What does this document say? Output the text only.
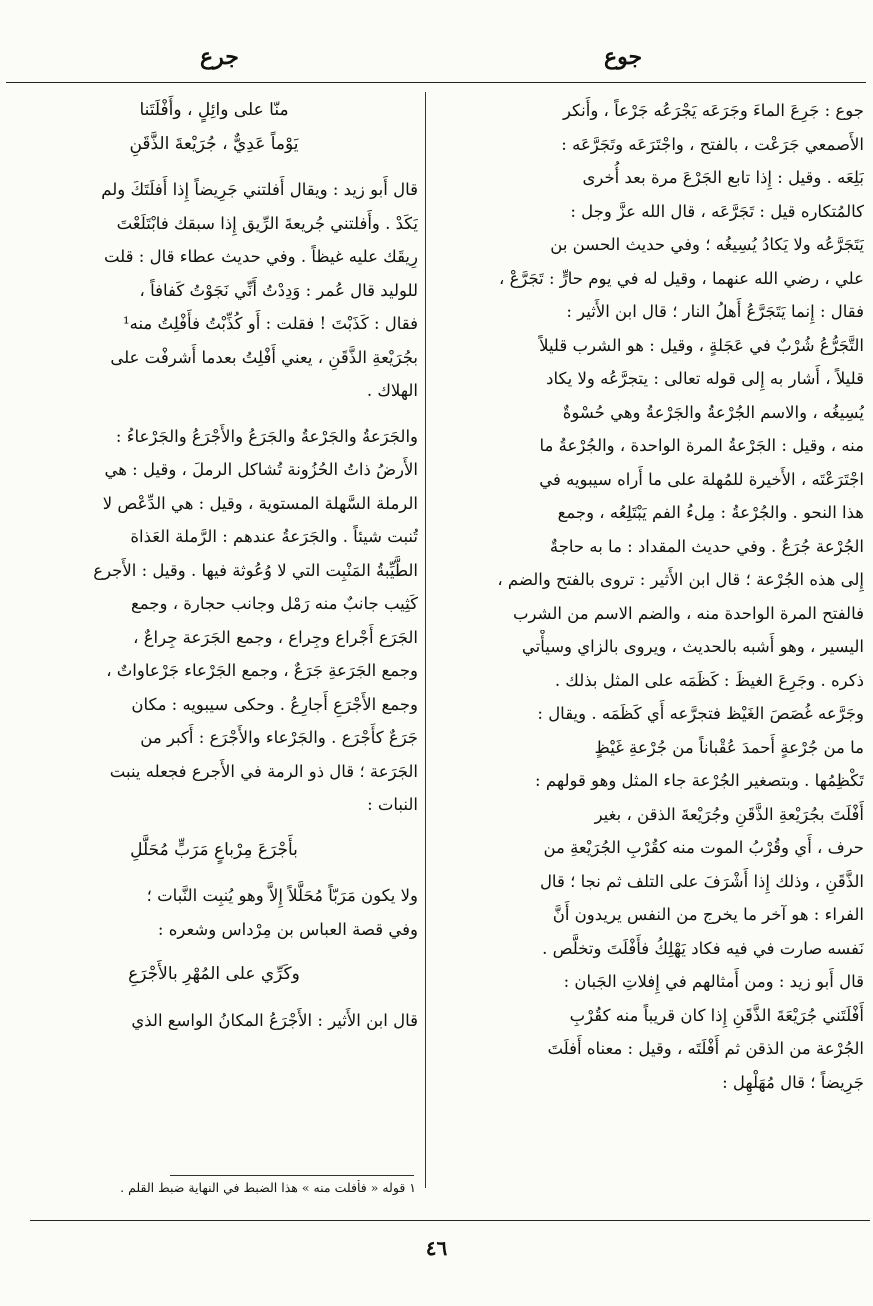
جوع
جرع
جوع : جَرِعَ الماءَ وجَرَعَه يَجْرَعُه جَرْعاً ، وأَنكر
الأَصمعي جَرَعْت ، بالفتح ، واجْتَرَعَه وتَجَرَّعَه :
بَلِعَه . وقيل : إِذا تابع الجَرْعَ مرة بعد أُخرى
كالمُتكاره قيل : تَجَرَّعَه ، قال الله عزَّ وجل :
يَتَجَرَّعُه ولا يَكادُ يُسِيغُه ؛ وفي حديث الحسن بن
علي ، رضي الله عنهما ، وقيل له في يوم حارٍّ : تَجَرَّعْ ،
فقال : إِنما يَتَجَرَّعُ أَهلُ النار ؛ قال ابن الأَثير :
التَّجَرُّعُ شُرْبٌ في عَجَلةٍ ، وقيل : هو الشرب قليلاً
قليلاً ، أَشار به إِلى قوله تعالى : يتجرَّعُه ولا يكاد
يُسِيغُه ، والاسم الجُرْعةُ والجَرْعةُ وهي حُسْوةٌ
منه ، وقيل : الجَرْعةُ المرة الواحدة ، والجُرْعةُ ما
اجْتَرَعْتَه ، الأَخيرة للمُهلة على ما أَراه سيبويه في
هذا النحو . والجُرْعةُ : مِلءُ الفم يَبْتَلِعُه ، وجمع
الجُرْعة جُرَعٌ . وفي حديث المقداد : ما به حاجةٌ
إِلى هذه الجُرْعة ؛ قال ابن الأَثير : تروى بالفتح والضم ،
فالفتح المرة الواحدة منه ، والضم الاسم من الشرب
اليسير ، وهو أَشبه بالحديث ، ويروى بالزاي وسيأْتي
ذكره . وجَرِعَ الغيظَ : كَظَمَه على المثل بذلك .
وجَرَّعه غُصَصَ الغَيْظ فتجرَّعه أَي كَظَمَه . ويقال :
ما من جُرْعةٍ أَحمدَ عُقْباناً من جُرْعةِ غَيْظٍ
تَكْظِمُها . وبتصغير الجُرْعة جاء المثل وهو قولهم :
أَفْلَتَ بجُرَيْعةِ الذَّقَنِ وجُرَيْعةَ الذقن ، بغير
حرف ، أَي وقُرْبُ الموت منه كقُرْبِ الجُرَيْعةِ من
الذَّقَنِ ، وذلك إِذا أَشْرَفَ على التلف ثم نجا ؛ قال
الفراء : هو آخر ما يخرج من النفس يريدون أَنَّ
نَفسه صارت في فيه فكاد يَهْلِكُ فأَفْلَتَ وتخلَّص .
قال أَبو زيد : ومن أَمثالهم في إِفلاتِ الجَبان :
أَفْلَتَني جُرَيْعَةَ الذَّقَنِ إِذا كان قريباً منه كقُرْبِ
الجُرْعة من الذقن ثم أَفْلَتَه ، وقيل : معناه أَفلَتَ
جَرِيضاً ؛ قال مُهَلْهِل :
منّا على وائِلٍ ، وأَفْلَتَنا
يَوْماً عَدِيٌّ ، جُرَيْعةَ الذَّقَنِ
قال أَبو زيد : ويقال أَفلتني جَرِيضاً إِذا أَفلَتَكَ ولم
يَكَدْ . وأَفلتني جُريعةَ الرِّيق إِذا سبقك فابْتَلَعْتَ
رِيقَك عليه غيظاً . وفي حديث عطاء قال : قلت
للوليد قال عُمر : وَدِدْتُ أَنِّي نَجَوْتُ كَفافاً ،
فقال : كَذَبْتَ ! فقلت : أَو كُذِّبْتُ فأَفْلِتُ منه¹
بجُرَيْعةِ الذَّقَنِ ، يعني أَفْلِتُ بعدما أَشرفْت على
الهلاك .
والجَرَعةُ والجَرْعةُ والجَرَعُ والأَجْرَعُ والجَرْعاءُ :
الأَرضُ ذاتُ الحُزُونة تُشاكل الرملَ ، وقيل : هي
الرملة السَّهلة المستوية ، وقيل : هي الدِّعْص لا
تُنبت شيئاً . والجَرَعةُ عندهم : الرَّملة العَذاة
الطَّيِّبةُ المَنْبِت التي لا وُعُوثة فيها . وقيل : الأَجرع
كَثِيب جانبٌ منه رَمْل وجانب حجارة ، وجمع
الجَرَع أَجْراع وجِراع ، وجمع الجَرَعة جِراعٌ ،
وجمع الجَرَعةِ جَرَعٌ ، وجمع الجَرْعاء جَرْعاواتٌ ،
وجمع الأَجْرَعِ أَجارِعُ . وحكى سيبويه : مكان
جَرَعٌ كأَجْرَع . والجَرْعاء والأَجْرَع : أَكبر من
الجَرَعة ؛ قال ذو الرمة في الأَجرع فجعله ينبت
النبات :
بأَجْرَعَ مِرْباعٍ مَرَبٍّ مُحَلَّلِ
ولا يكون مَرَبّاً مُحَلَّلاً إِلاَّ وهو يُنبِت النَّبات ؛
وفي قصة العباس بن مِرْداس وشعره :
وكَرِّي على المُهْرِ بالأَجْرَعِ
قال ابن الأَثير : الأَجْرَعُ المكانُ الواسع الذي
١ قوله « فأفلت منه » هذا الضبط في النهاية ضبط القلم .
٤٦
